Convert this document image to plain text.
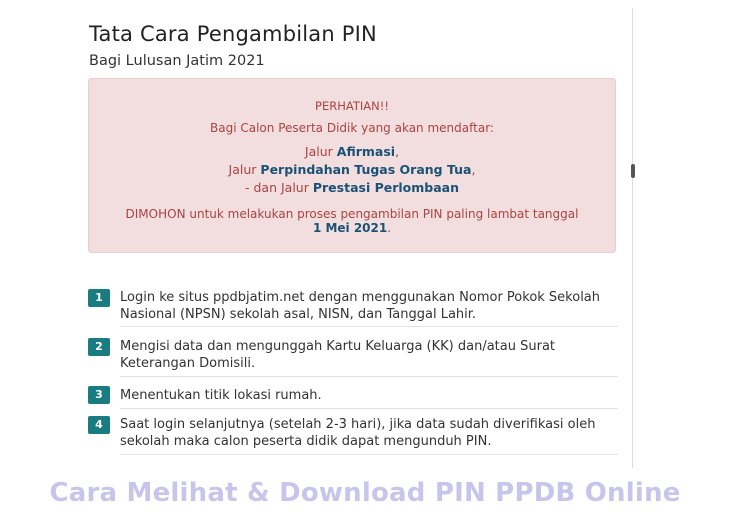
Tata Cara Pengambilan PIN
Bagi Lulusan Jatim 2021
PERHATIAN!!
Bagi Calon Peserta Didik yang akan mendaftar:
Jalur Afirmasi,
Jalur Perpindahan Tugas Orang Tua,
- dan Jalur Prestasi Perlombaan
DIMOHON untuk melakukan proses pengambilan PIN paling lambat tanggal
1 Mei 2021.
1	Login ke situs ppdbjatim.net dengan menggunakan Nomor Pokok Sekolah Nasional (NPSN) sekolah asal, NISN, dan Tanggal Lahir.
2	Mengisi data dan mengunggah Kartu Keluarga (KK) dan/atau Surat Keterangan Domisili.
3	Menentukan titik lokasi rumah.
4	Saat login selanjutnya (setelah 2-3 hari), jika data sudah diverifikasi oleh sekolah maka calon peserta didik dapat mengunduh PIN.
Cara Melihat & Download PIN PPDB Online
